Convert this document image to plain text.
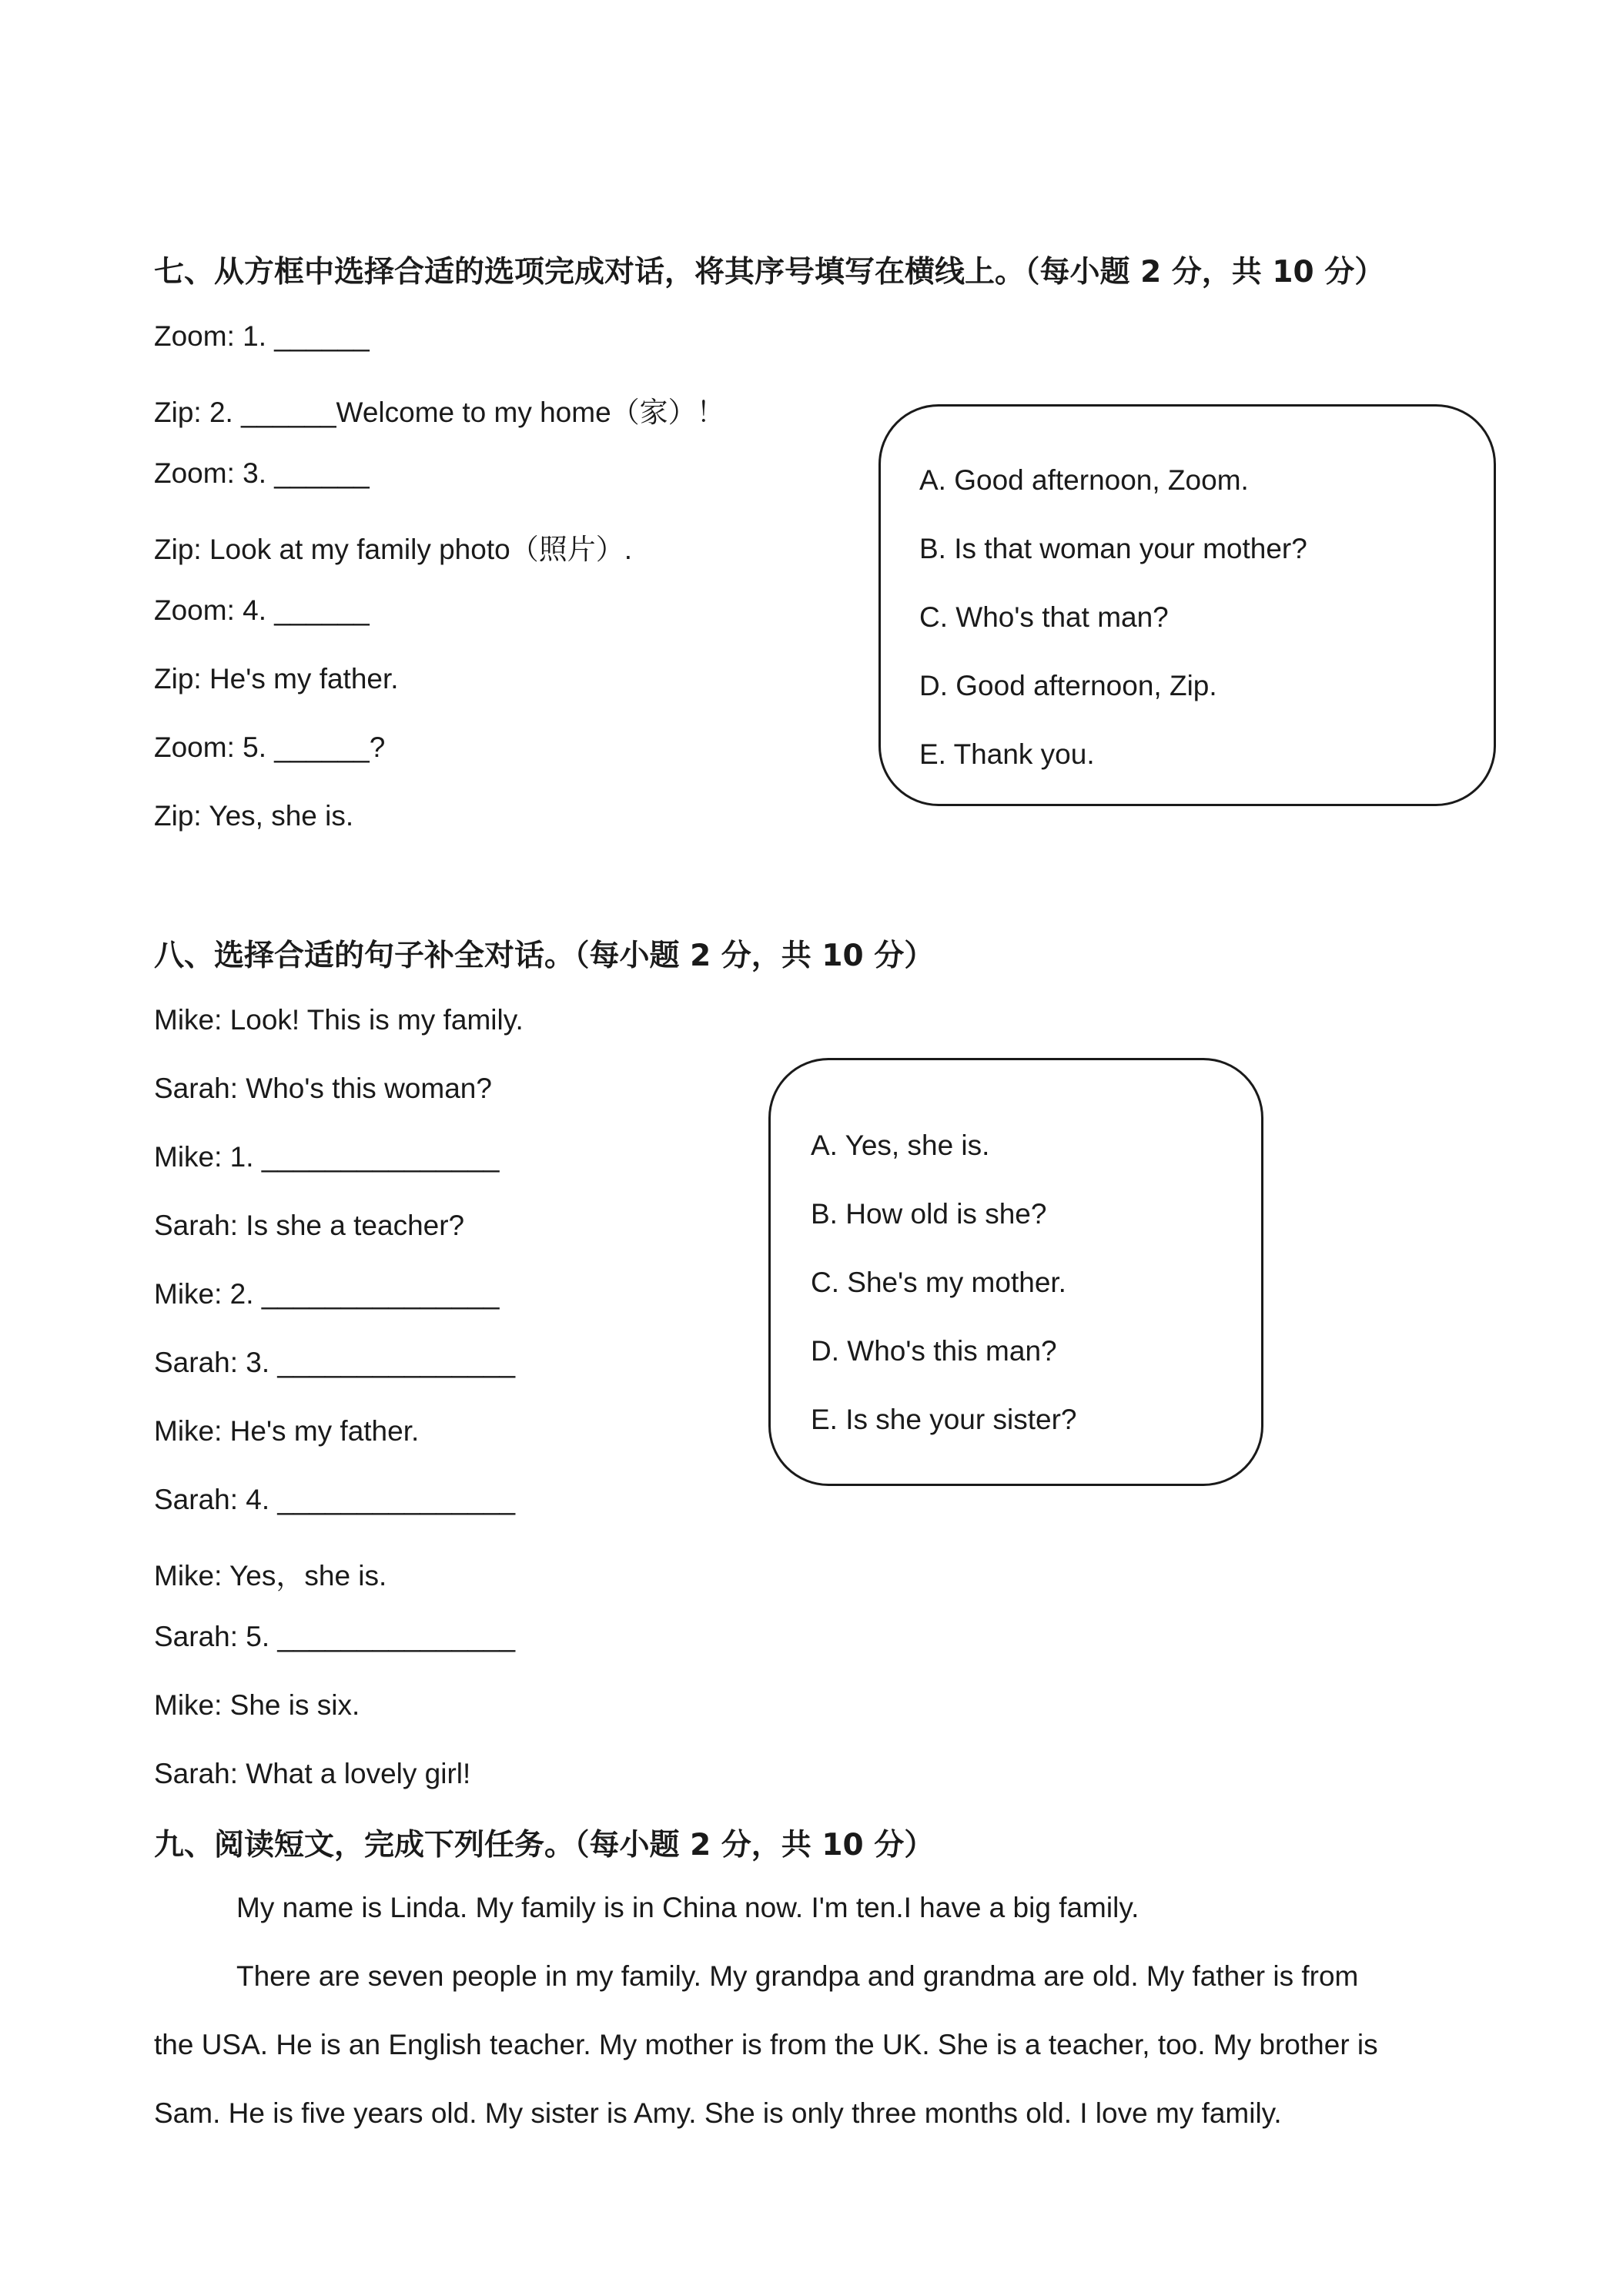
七、从方框中选择合适的选项完成对话，将其序号填写在横线上。（每小题 2 分，共 10 分）
Zoom: 1. ______
Zip: 2. ______Welcome to my home（家）！
Zoom: 3. ______
Zip: Look at my family photo（照片）.
Zoom: 4. ______
Zip: He's my father.
Zoom: 5. ______?
Zip: Yes, she is.
A. Good afternoon, Zoom.
B. Is that woman your mother?
C. Who's that man?
D. Good afternoon, Zip.
E. Thank you.
八、选择合适的句子补全对话。（每小题 2 分，共 10 分）
Mike: Look! This is my family.
Sarah: Who's this woman?
Mike: 1. _______________
Sarah: Is she a teacher?
Mike: 2. _______________
Sarah: 3. _______________
Mike: He's my father.
Sarah: 4. _______________
Mike: Yes，she is.
Sarah: 5. _______________
Mike: She is six.
Sarah: What a lovely girl!
A. Yes, she is.
B. How old is she?
C. She's my mother.
D. Who's this man?
E. Is she your sister?
九、阅读短文，完成下列任务。（每小题 2 分，共 10 分）
My name is Linda. My family is in China now. I'm ten.I have a big family.
There are seven people in my family. My grandpa and grandma are old. My father is from
the USA. He is an English teacher. My mother is from the UK. She is a teacher, too. My brother is
Sam. He is five years old. My sister is Amy. She is only three months old. I love my family.
